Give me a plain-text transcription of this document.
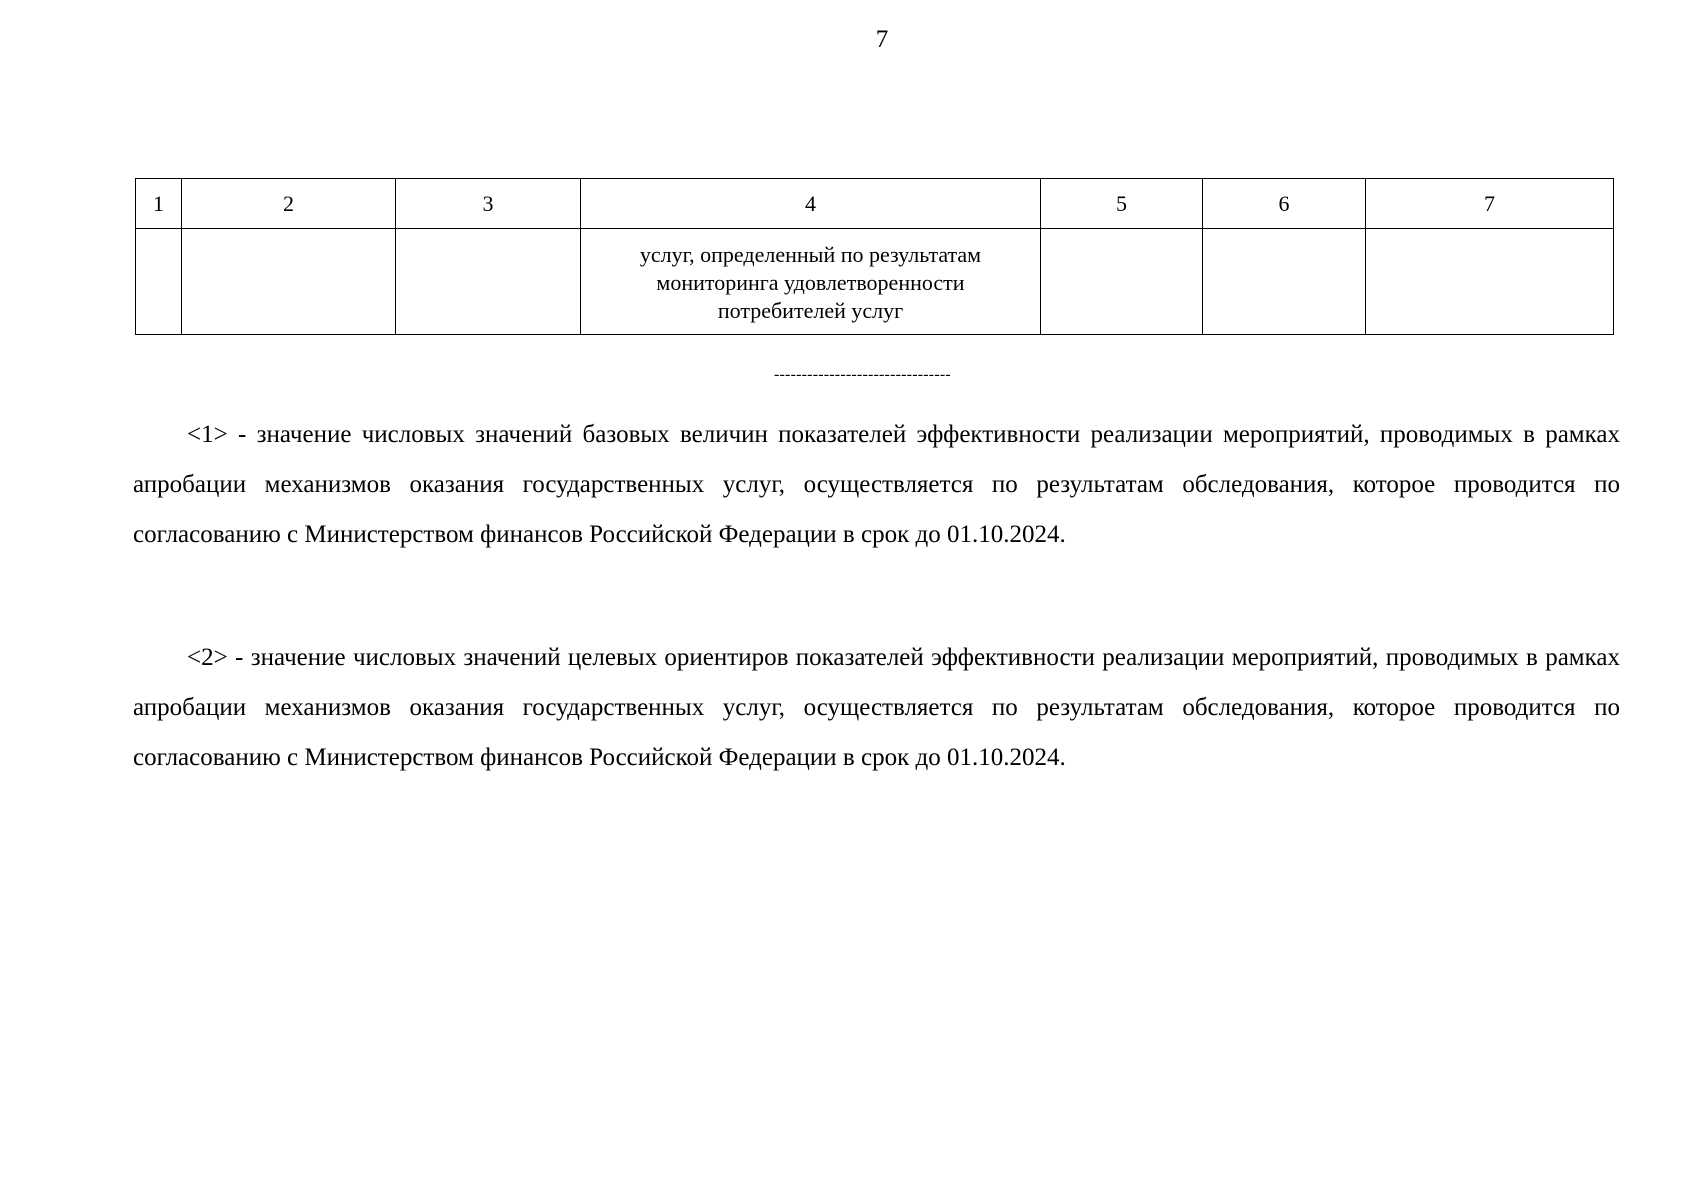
7
1	2	3	4	5	6	7

			услуг, определенный по результатам мониторинга удовлетворенности потребителей услуг			

--------------------------------

<1> - значение числовых значений базовых величин показателей эффективности реализации мероприятий, проводимых в рамках апробации механизмов оказания государственных услуг, осуществляется по результатам обследования, которое проводится по согласованию с Министерством финансов Российской Федерации в срок до 01.10.2024.

<2> - значение числовых значений целевых ориентиров показателей эффективности реализации мероприятий, проводимых в рамках апробации механизмов оказания государственных услуг, осуществляется по результатам обследования, которое проводится по согласованию с Министерством финансов Российской Федерации в срок до 01.10.2024.
